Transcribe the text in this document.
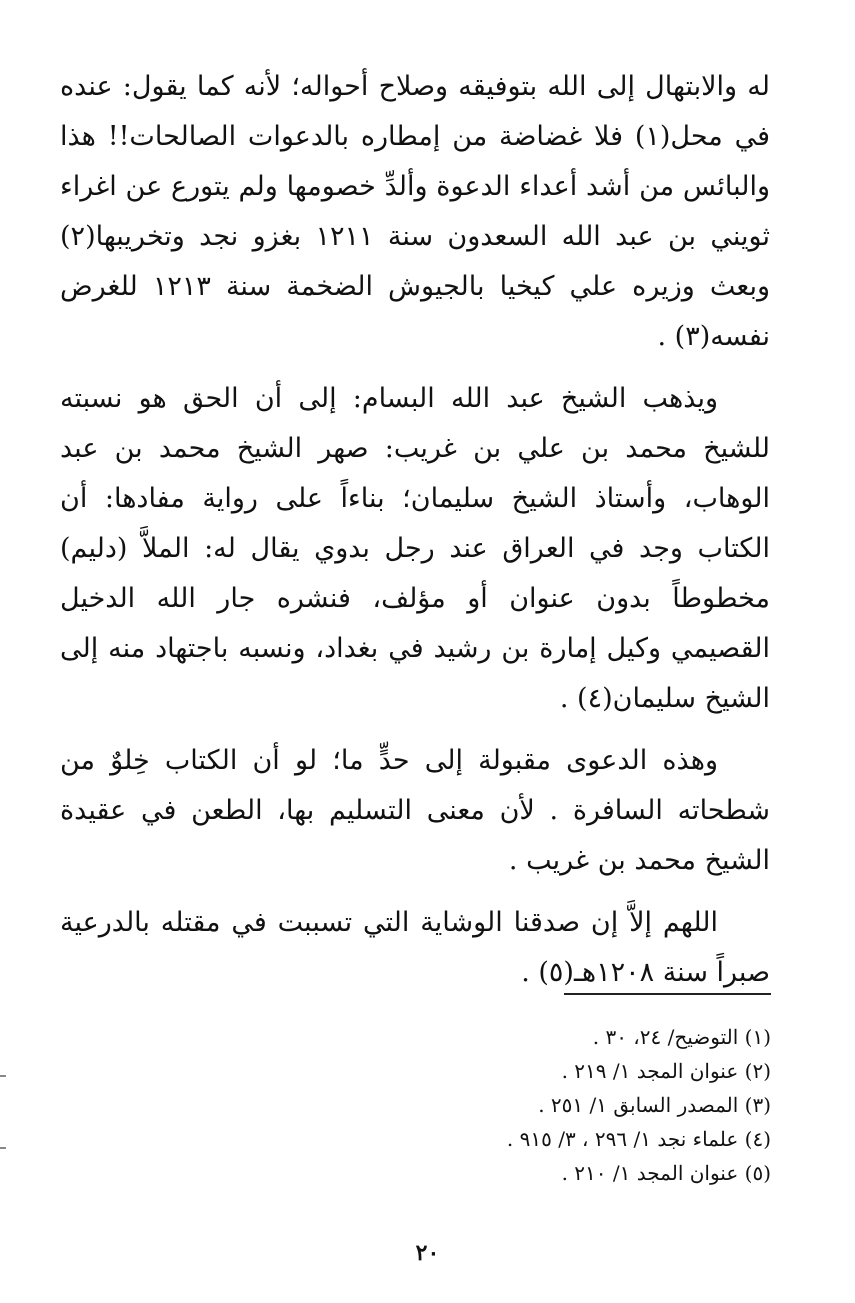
له والابتهال إلى الله بتوفيقه وصلاح أحواله؛ لأنه كما يقول: عنده في محل(١) فلا غضاضة من إمطاره بالدعوات الصالحات!! هذا والبائس من أشد أعداء الدعوة وألدِّ خصومها ولم يتورع عن اغراء ثويني بن عبد الله السعدون سنة ١٢١١ بغزو نجد وتخريبها(٢) وبعث وزيره علي كيخيا بالجيوش الضخمة سنة ١٢١٣ للغرض نفسه(٣) .

ويذهب الشيخ عبد الله البسام: إلى أن الحق هو نسبته للشيخ محمد بن علي بن غريب: صهر الشيخ محمد بن عبد الوهاب، وأستاذ الشيخ سليمان؛ بناءاً على رواية مفادها: أن الكتاب وجد في العراق عند رجل بدوي يقال له: الملاَّ (دليم) مخطوطاً بدون عنوان أو مؤلف، فنشره جار الله الدخيل القصيمي وكيل إمارة بن رشيد في بغداد، ونسبه باجتهاد منه إلى الشيخ سليمان(٤) .

وهذه الدعوى مقبولة إلى حدٍّ ما؛ لو أن الكتاب خِلوٌ من شطحاته السافرة . لأن معنى التسليم بها، الطعن في عقيدة الشيخ محمد بن غريب .

اللهم إلاَّ إن صدقنا الوشاية التي تسببت في مقتله بالدرعية صبراً سنة ١٢٠٨هـ(٥) .

(١) التوضيح/ ٢٤، ٣٠ .

(٢) عنوان المجد ١/ ٢١٩ .

(٣) المصدر السابق ١/ ٢٥١ .

(٤) علماء نجد ١/ ٢٩٦ ، ٣/ ٩١٥ .

(٥) عنوان المجد ١/ ٢١٠ .

٢٠
